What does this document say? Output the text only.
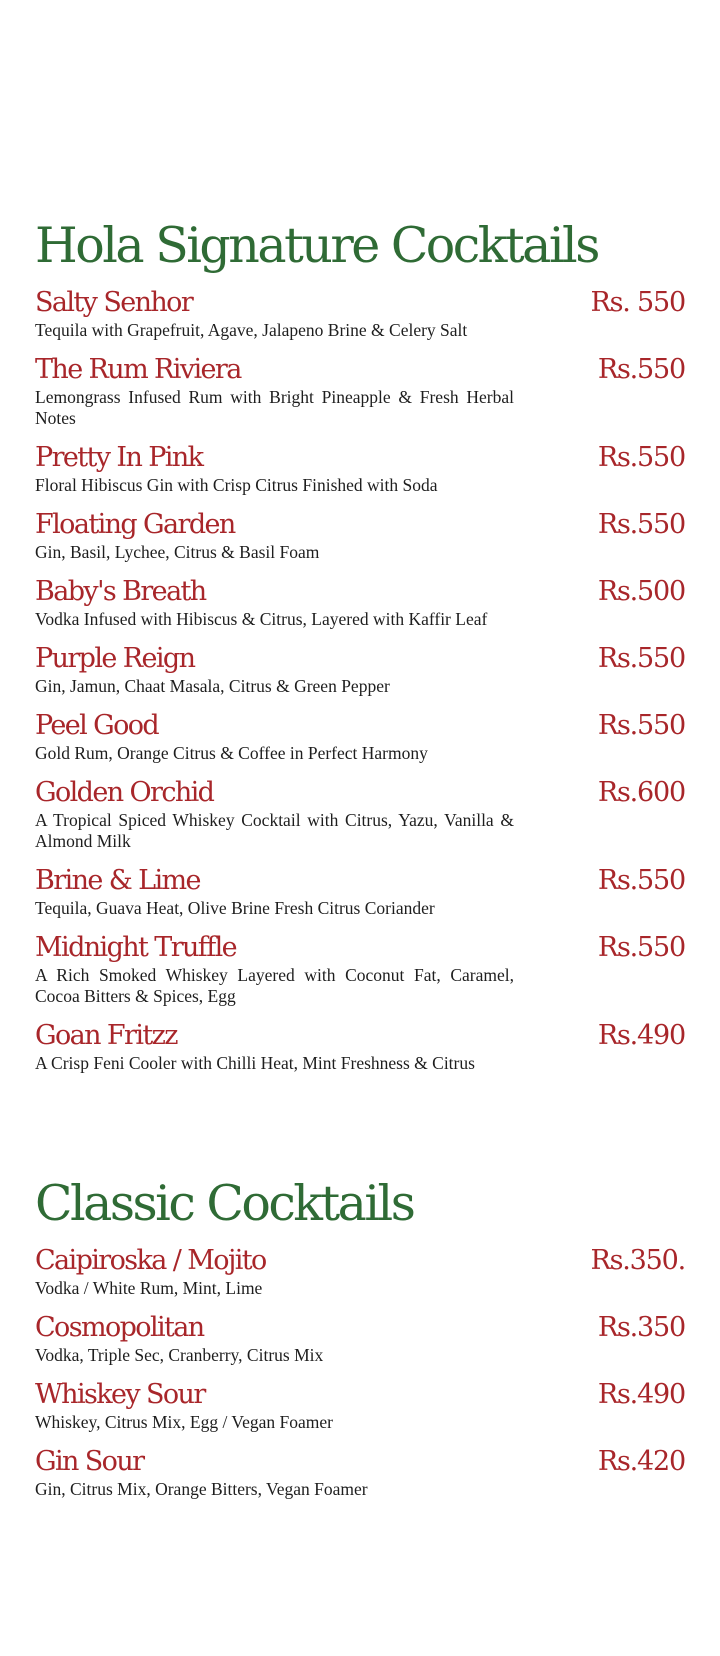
Hola Signature Cocktails
Salty Senhor	Rs. 550

Tequila with Grapefruit, Agave, Jalapeno Brine & Celery Salt

The Rum Riviera	Rs.550

Lemongrass Infused Rum with Bright Pineapple & Fresh Herbal Notes

Pretty In Pink	Rs.550

Floral Hibiscus Gin with Crisp Citrus Finished with Soda

Floating Garden	Rs.550

Gin, Basil, Lychee, Citrus & Basil Foam

Baby's Breath	Rs.500

Vodka Infused with Hibiscus & Citrus, Layered with Kaffir Leaf

Purple Reign	Rs.550

Gin, Jamun, Chaat Masala, Citrus & Green Pepper

Peel Good	Rs.550

Gold Rum, Orange Citrus & Coffee in Perfect Harmony

Golden Orchid	Rs.600

A Tropical Spiced Whiskey Cocktail with Citrus, Yazu, Vanilla & Almond Milk

Brine & Lime	Rs.550

Tequila, Guava Heat, Olive Brine Fresh Citrus Coriander

Midnight Truffle	Rs.550

A Rich Smoked Whiskey Layered with Coconut Fat, Caramel, Cocoa Bitters & Spices, Egg

Goan Fritzz	Rs.490

A Crisp Feni Cooler with Chilli Heat, Mint Freshness & Citrus

Classic Cocktails
Caipiroska / Mojito	Rs.350.

Vodka / White Rum, Mint, Lime

Cosmopolitan	Rs.350

Vodka, Triple Sec, Cranberry, Citrus Mix

Whiskey Sour	Rs.490

Whiskey, Citrus Mix, Egg / Vegan Foamer

Gin Sour	Rs.420

Gin, Citrus Mix, Orange Bitters, Vegan Foamer
